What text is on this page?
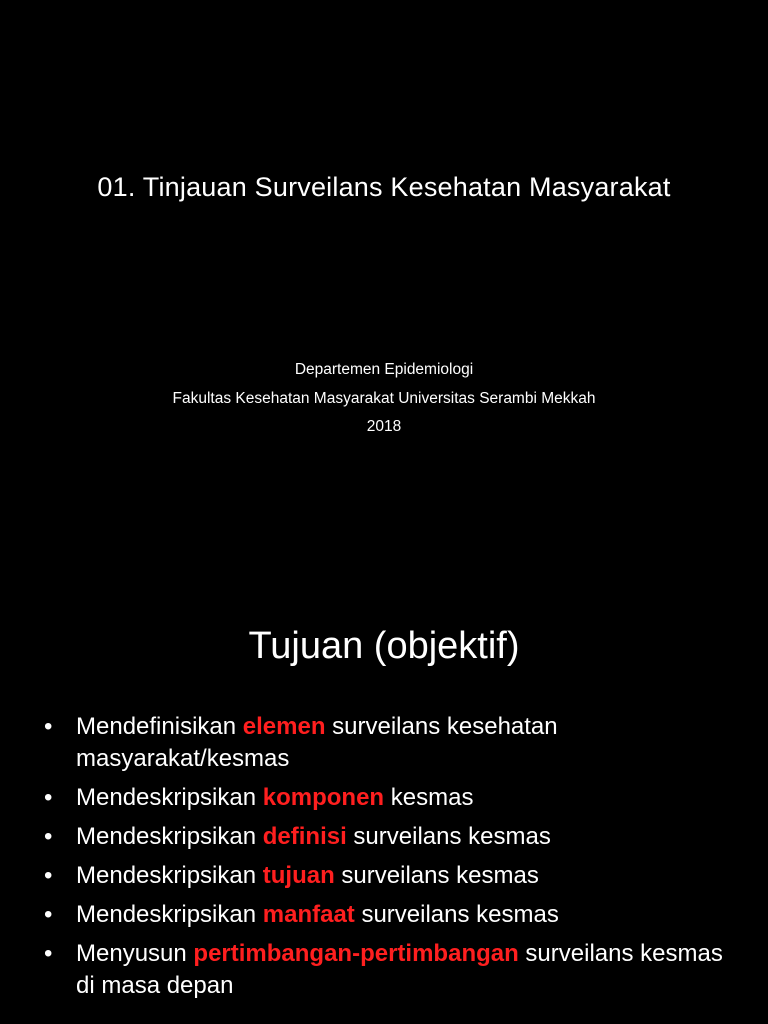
01. Tinjauan Surveilans Kesehatan Masyarakat
Departemen Epidemiologi
Fakultas Kesehatan Masyarakat Universitas Serambi Mekkah
2018
Tujuan (objektif)
• Mendefinisikan elemen surveilans kesehatan masyarakat/kesmas
• Mendeskripsikan komponen kesmas
• Mendeskripsikan definisi surveilans kesmas
• Mendeskripsikan tujuan surveilans kesmas
• Mendeskripsikan manfaat surveilans kesmas
• Menyusun pertimbangan-pertimbangan surveilans kesmas di masa depan
